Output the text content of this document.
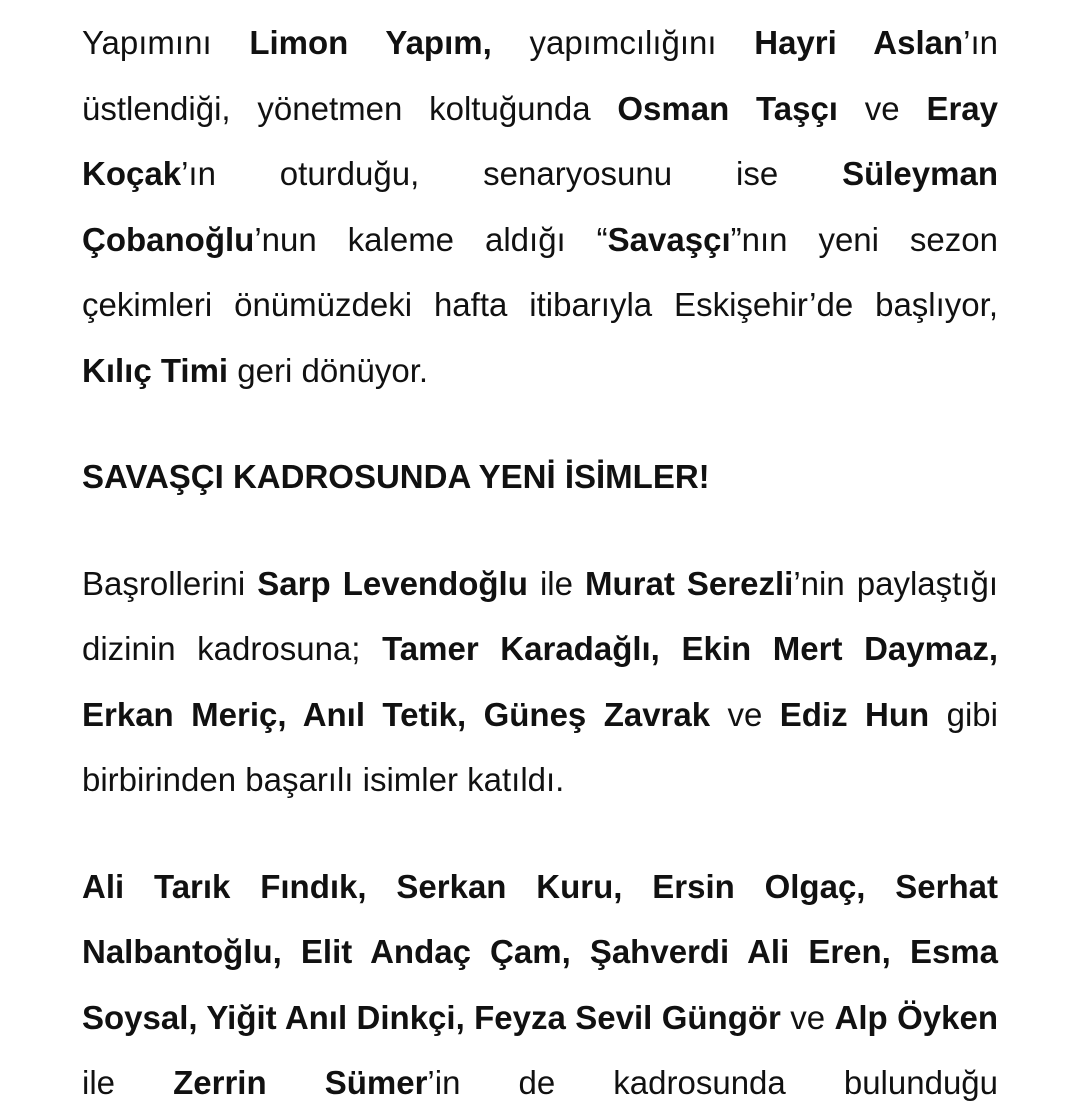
Yapımını Limon Yapım, yapımcılığını Hayri Aslan’ın üstlendiği, yönetmen koltuğunda Osman Taşçı ve Eray Koçak’ın oturduğu, senaryosunu ise Süleyman Çobanoğlu’nun kaleme aldığı “Savaşçı”nın yeni sezon çekimleri önümüzdeki hafta itibarıyla Eskişehir’de başlıyor, Kılıç Timi geri dönüyor.

SAVAŞÇI KADROSUNDA YENİ İSİMLER!

Başrollerini Sarp Levendoğlu ile Murat Serezli’nin paylaştığı dizinin kadrosuna; Tamer Karadağlı, Ekin Mert Daymaz, Erkan Meriç, Anıl Tetik, Güneş Zavrak ve Ediz Hun gibi birbirinden başarılı isimler katıldı.

Ali Tarık Fındık, Serkan Kuru, Ersin Olgaç, Serhat Nalbantoğlu, Elit Andaç Çam, Şahverdi Ali Eren, Esma Soysal, Yiğit Anıl Dinkçi, Feyza Sevil Güngör ve Alp Öyken ile Zerrin Sümer’in de kadrosunda bulunduğu
